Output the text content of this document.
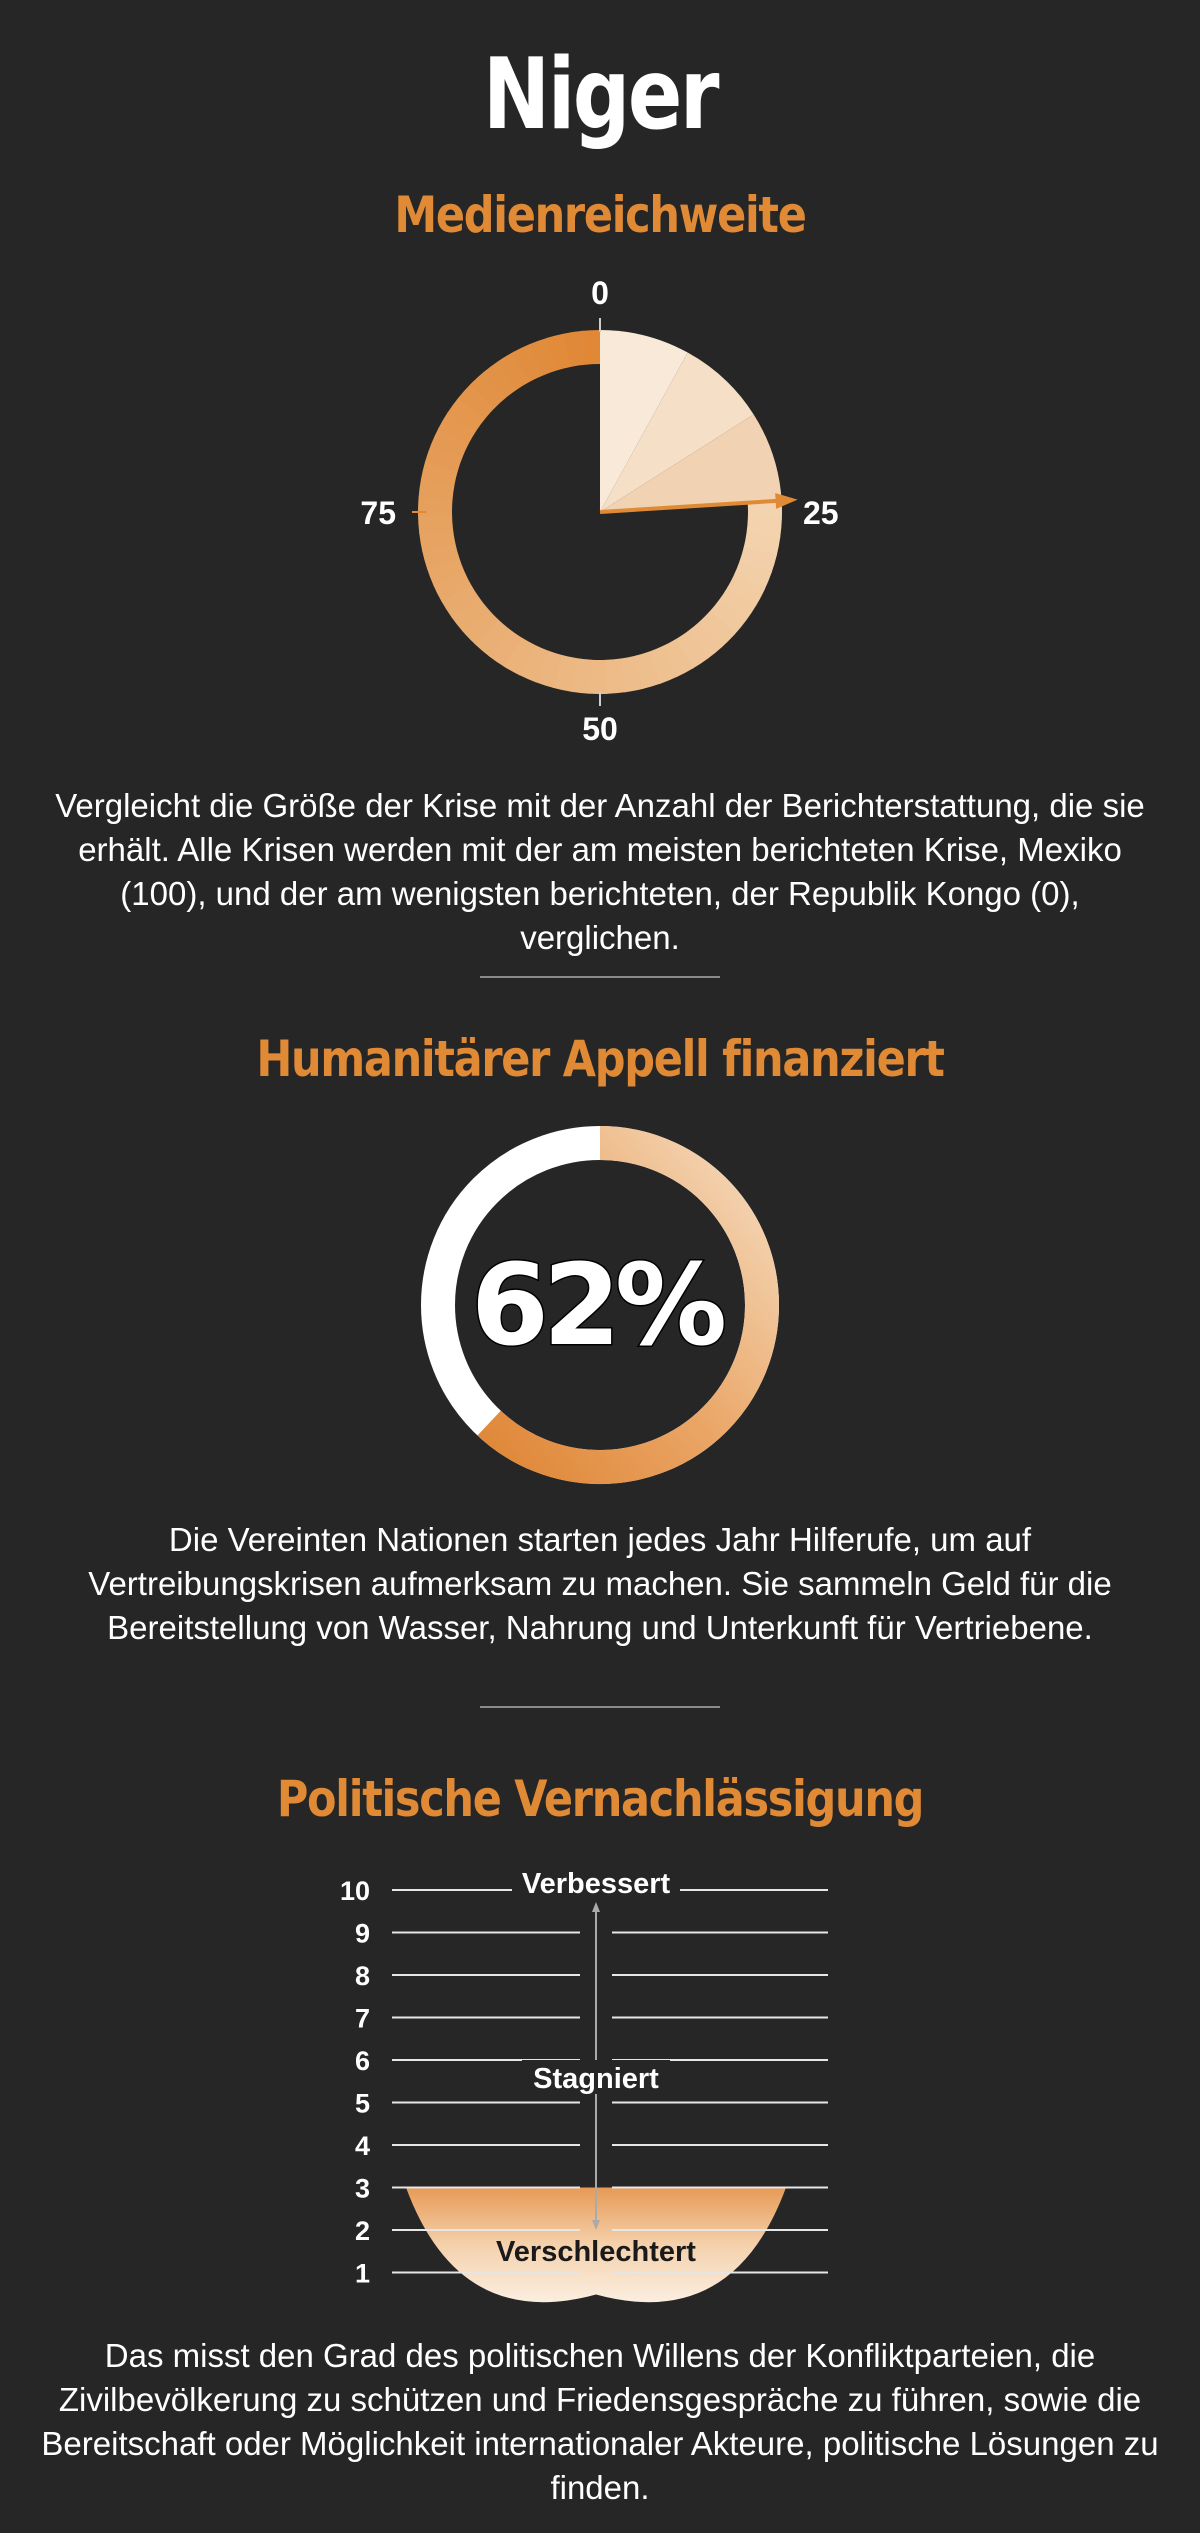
Niger
Medienreichweite
0
25
50
75

Vergleicht die Größe der Krise mit der Anzahl der Berichterstattung, die sie erhält. Alle Krisen werden mit der am meisten berichteten Krise, Mexiko (100), und der am wenigsten berichteten, der Republik Kongo (0), verglichen.

Humanitärer Appell finanziert
62%

Die Vereinten Nationen starten jedes Jahr Hilferufe, um auf Vertreibungskrisen aufmerksam zu machen. Sie sammeln Geld für die Bereitstellung von Wasser, Nahrung und Unterkunft für Vertriebene.

Politische Vernachlässigung
10
9
8
7
6
5
4
3
2
1
Verbessert
Stagniert
Verschlechtert

Das misst den Grad des politischen Willens der Konfliktparteien, die Zivilbevölkerung zu schützen und Friedensgespräche zu führen, sowie die Bereitschaft oder Möglichkeit internationaler Akteure, politische Lösungen zu finden.
